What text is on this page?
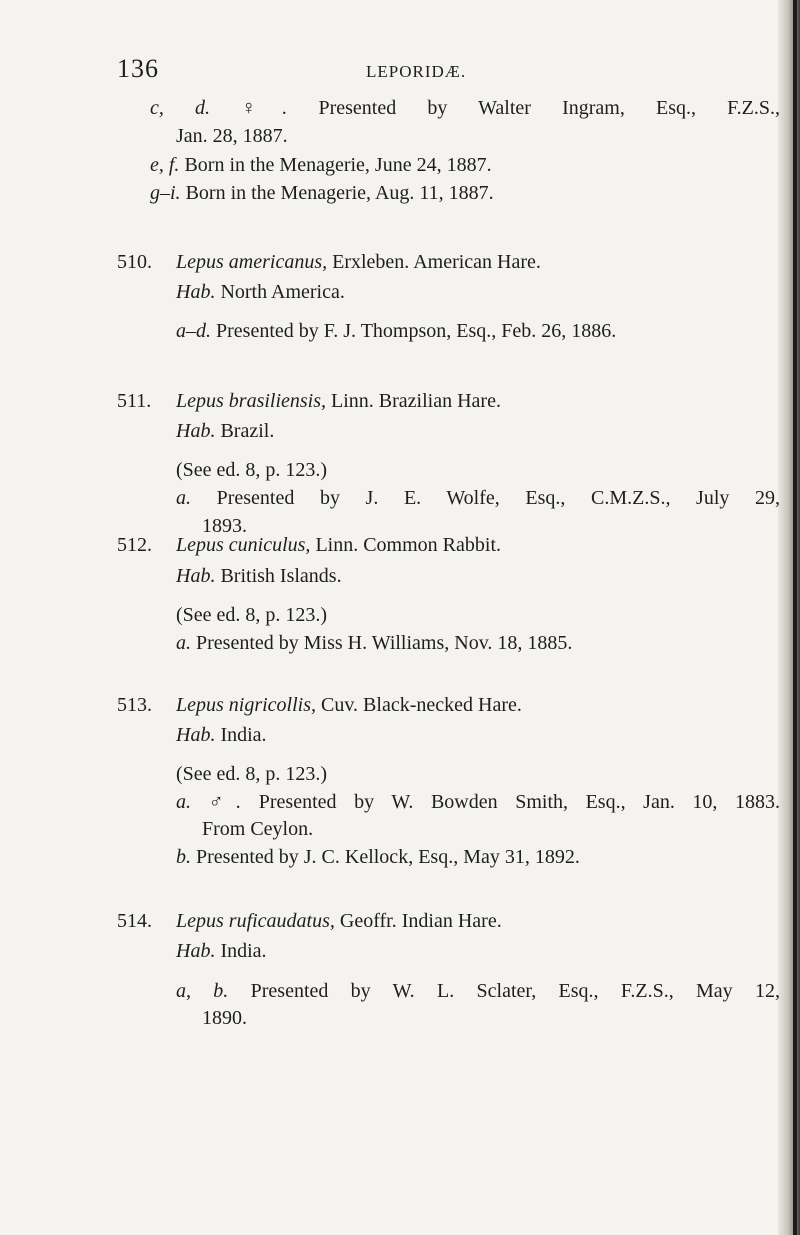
136	LEPORIDÆ.
c, d. ♀. Presented by Walter Ingram, Esq., F.Z.S.,
Jan. 28, 1887.
e, f. Born in the Menagerie, June 24, 1887.
g–i. Born in the Menagerie, Aug. 11, 1887.
510. Lepus americanus, Erxleben. American Hare.
Hab. North America.
a–d. Presented by F. J. Thompson, Esq., Feb. 26, 1886.
511. Lepus brasiliensis, Linn. Brazilian Hare.
Hab. Brazil.
(See ed. 8, p. 123.)
a. Presented by J. E. Wolfe, Esq., C.M.Z.S., July 29,
1893.
512. Lepus cuniculus, Linn. Common Rabbit.
Hab. British Islands.
(See ed. 8, p. 123.)
a. Presented by Miss H. Williams, Nov. 18, 1885.
513. Lepus nigricollis, Cuv. Black-necked Hare.
Hab. India.
(See ed. 8, p. 123.)
a. ♂. Presented by W. Bowden Smith, Esq., Jan. 10, 1883.
From Ceylon.
b. Presented by J. C. Kellock, Esq., May 31, 1892.
514. Lepus ruficaudatus, Geoffr. Indian Hare.
Hab. India.
a, b. Presented by W. L. Sclater, Esq., F.Z.S., May 12,
1890.
